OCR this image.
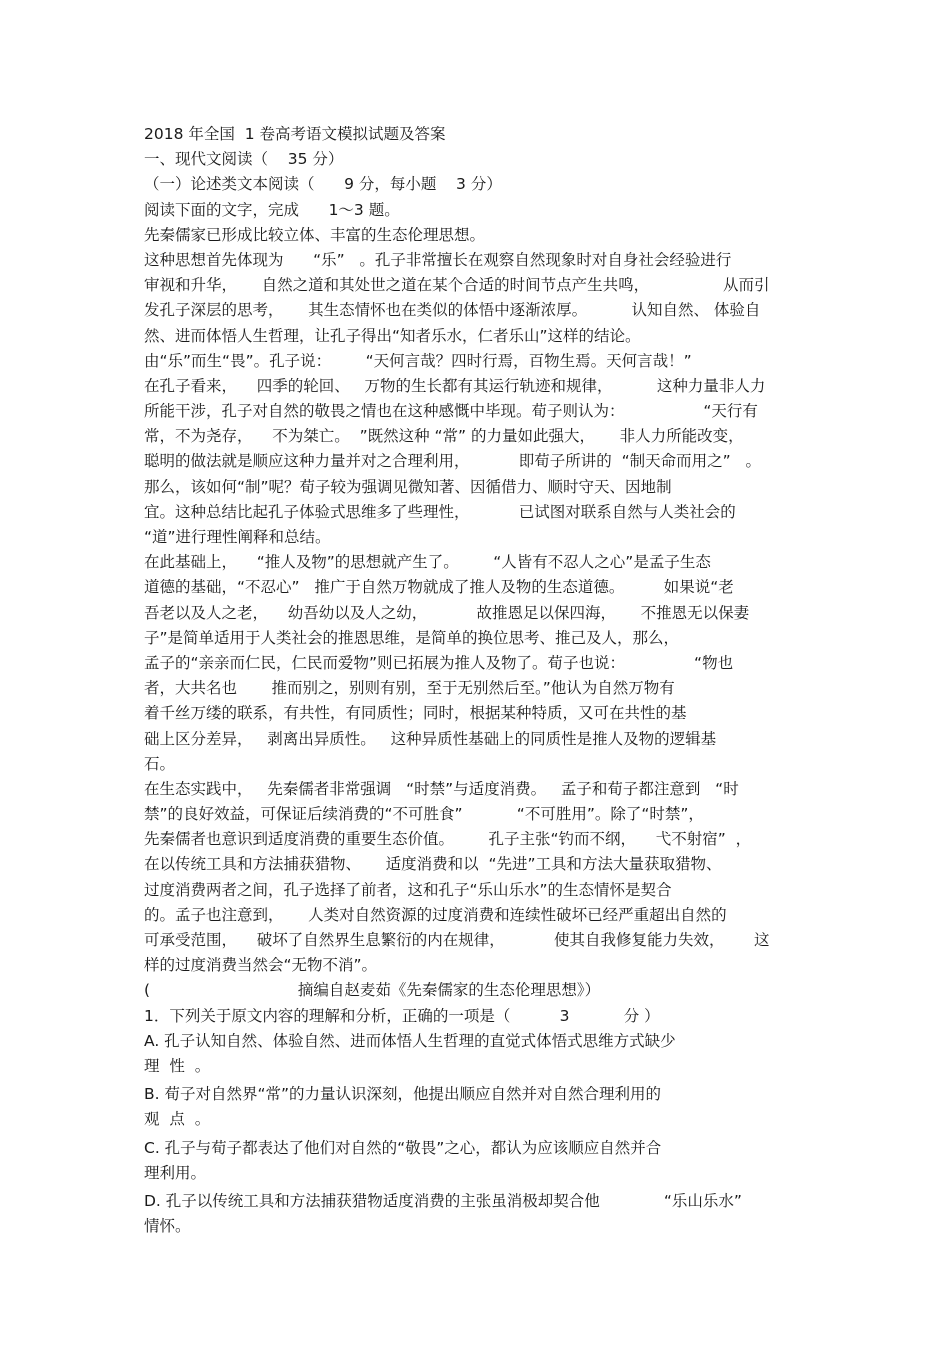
2018 年全国  1 卷高考语文模拟试题及答案
一、现代文阅读（    35 分）
（一）论述类文本阅读（      9 分，每小题    3 分）
阅读下面的文字，完成      1～3 题。
先秦儒家已形成比较立体、丰富的生态伦理思想。
这种思想首先体现为      “乐”   。孔子非常擅长在观察自然现象时对自身社会经验进行
审视和升华，     自然之道和其处世之道在某个合适的时间节点产生共鸣，               从而引
发孔子深层的思考，     其生态情怀也在类似的体悟中逐渐浓厚。         认知自然、 体验自
然、进而体悟人生哲理，让孔子得出“知者乐水，仁者乐山”这样的结论。
由“乐”而生“畏”。孔子说：       “天何言哉？四时行焉，百物生焉。天何言哉！”
在孔子看来，    四季的轮回、   万物的生长都有其运行轨迹和规律，         这种力量非人力
所能干涉，孔子对自然的敬畏之情也在这种感慨中毕现。荀子则认为：                “天行有
常，不为尧存，    不为桀亡。  ”既然这种 “常” 的力量如此强大，     非人力所能改变，
聪明的做法就是顺应这种力量并对之合理利用，          即荀子所讲的  “制天命而用之”   。
那么，该如何“制”呢？荀子较为强调见微知著、因循借力、顺时守天、因地制
宜。这种总结比起孔子体验式思维多了些理性，          已试图对联系自然与人类社会的
“道”进行理性阐释和总结。
在此基础上，    “推人及物”的思想就产生了。       “人皆有不忍人之心”是孟子生态
道德的基础，“不忍心”   推广于自然万物就成了推人及物的生态道德。        如果说“老
吾老以及人之老，    幼吾幼以及人之幼，          故推恩足以保四海，     不推恩无以保妻
子”是简单适用于人类社会的推恩思维，是简单的换位思考、推己及人，那么，
孟子的“亲亲而仁民，仁民而爱物”则已拓展为推人及物了。荀子也说：              “物也
者，大共名也       推而别之，别则有别，至于无别然后至。”他认为自然万物有
着千丝万缕的联系，有共性，有同质性；同时，根据某种特质，又可在共性的基
础上区分差异，   剥离出异质性。   这种异质性基础上的同质性是推人及物的逻辑基
石。
在生态实践中，   先秦儒者非常强调   “时禁”与适度消费。   孟子和荀子都注意到   “时
禁”的良好效益，可保证后续消费的“不可胜食”           “不可胜用”。除了“时禁”，
先秦儒者也意识到适度消费的重要生态价值。       孔子主张“钓而不纲，    弋不射宿”  ，
在以传统工具和方法捕获猎物、     适度消费和以  “先进”工具和方法大量获取猎物、
过度消费两者之间，孔子选择了前者，这和孔子“乐山乐水”的生态情怀是契合
的。孟子也注意到，     人类对自然资源的过度消费和连续性破坏已经严重超出自然的
可承受范围，    破坏了自然界生息繁衍的内在规律，          使其自我修复能力失效，      这
样的过度消费当然会“无物不消”。
(                              摘编自赵麦茹《先秦儒家的生态伦理思想》）
1．下列关于原文内容的理解和分析，正确的一项是（          3           分 ）
A. 孔子认知自然、体验自然、进而体悟人生哲理的直觉式体悟式思维方式缺少
理  性  。
B. 荀子对自然界“常”的力量认识深刻，他提出顺应自然并对自然合理利用的
观  点  。
C. 孔子与荀子都表达了他们对自然的“敬畏”之心，都认为应该顺应自然并合
理利用。
D. 孔子以传统工具和方法捕获猎物适度消费的主张虽消极却契合他             “乐山乐水”
情怀。
